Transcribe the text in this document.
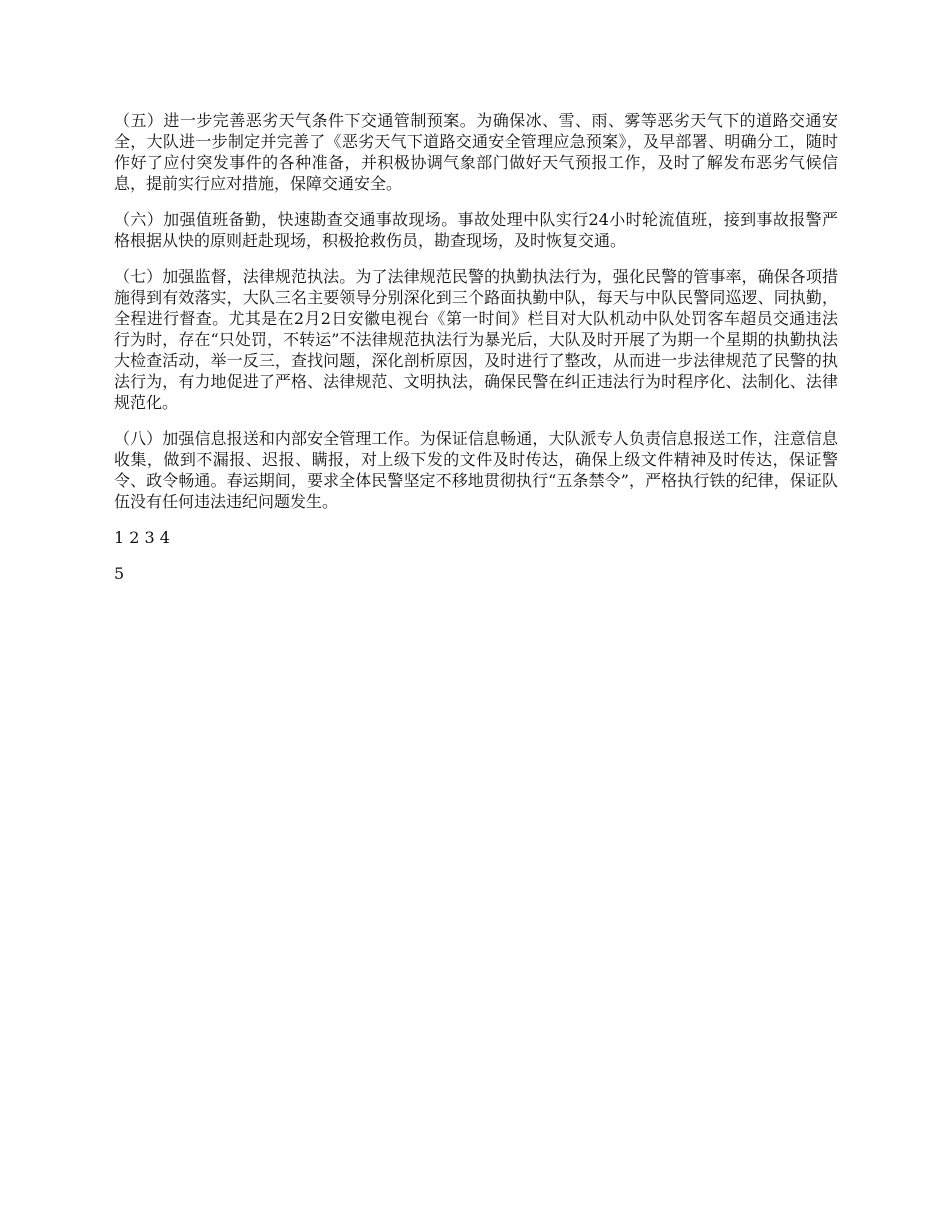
（五）进一步完善恶劣天气条件下交通管制预案。为确保冰、雪、雨、雾等恶劣天气下的道路交通安全，大队进一步制定并完善了《恶劣天气下道路交通安全管理应急预案》，及早部署、明确分工，随时作好了应付突发事件的各种准备，并积极协调气象部门做好天气预报工作，及时了解发布恶劣气候信息，提前实行应对措施，保障交通安全。

（六）加强值班备勤，快速勘查交通事故现场。事故处理中队实行24小时轮流值班，接到事故报警严格根据从快的原则赶赴现场，积极抢救伤员，勘查现场，及时恢复交通。

（七）加强监督，法律规范执法。为了法律规范民警的执勤执法行为，强化民警的管事率，确保各项措施得到有效落实，大队三名主要领导分别深化到三个路面执勤中队，每天与中队民警同巡逻、同执勤，全程进行督查。尤其是在2月2日安徽电视台《第一时间》栏目对大队机动中队处罚客车超员交通违法行为时，存在“只处罚，不转运”不法律规范执法行为暴光后，大队及时开展了为期一个星期的执勤执法大检查活动，举一反三，查找问题，深化剖析原因，及时进行了整改，从而进一步法律规范了民警的执法行为，有力地促进了严格、法律规范、文明执法，确保民警在纠正违法行为时程序化、法制化、法律规范化。

（八）加强信息报送和内部安全管理工作。为保证信息畅通，大队派专人负责信息报送工作，注意信息收集，做到不漏报、迟报、瞒报，对上级下发的文件及时传达，确保上级文件精神及时传达，保证警令、政令畅通。春运期间，要求全体民警坚定不移地贯彻执行“五条禁令”，严格执行铁的纪律，保证队伍没有任何违法违纪问题发生。

1 2 3 4
5
